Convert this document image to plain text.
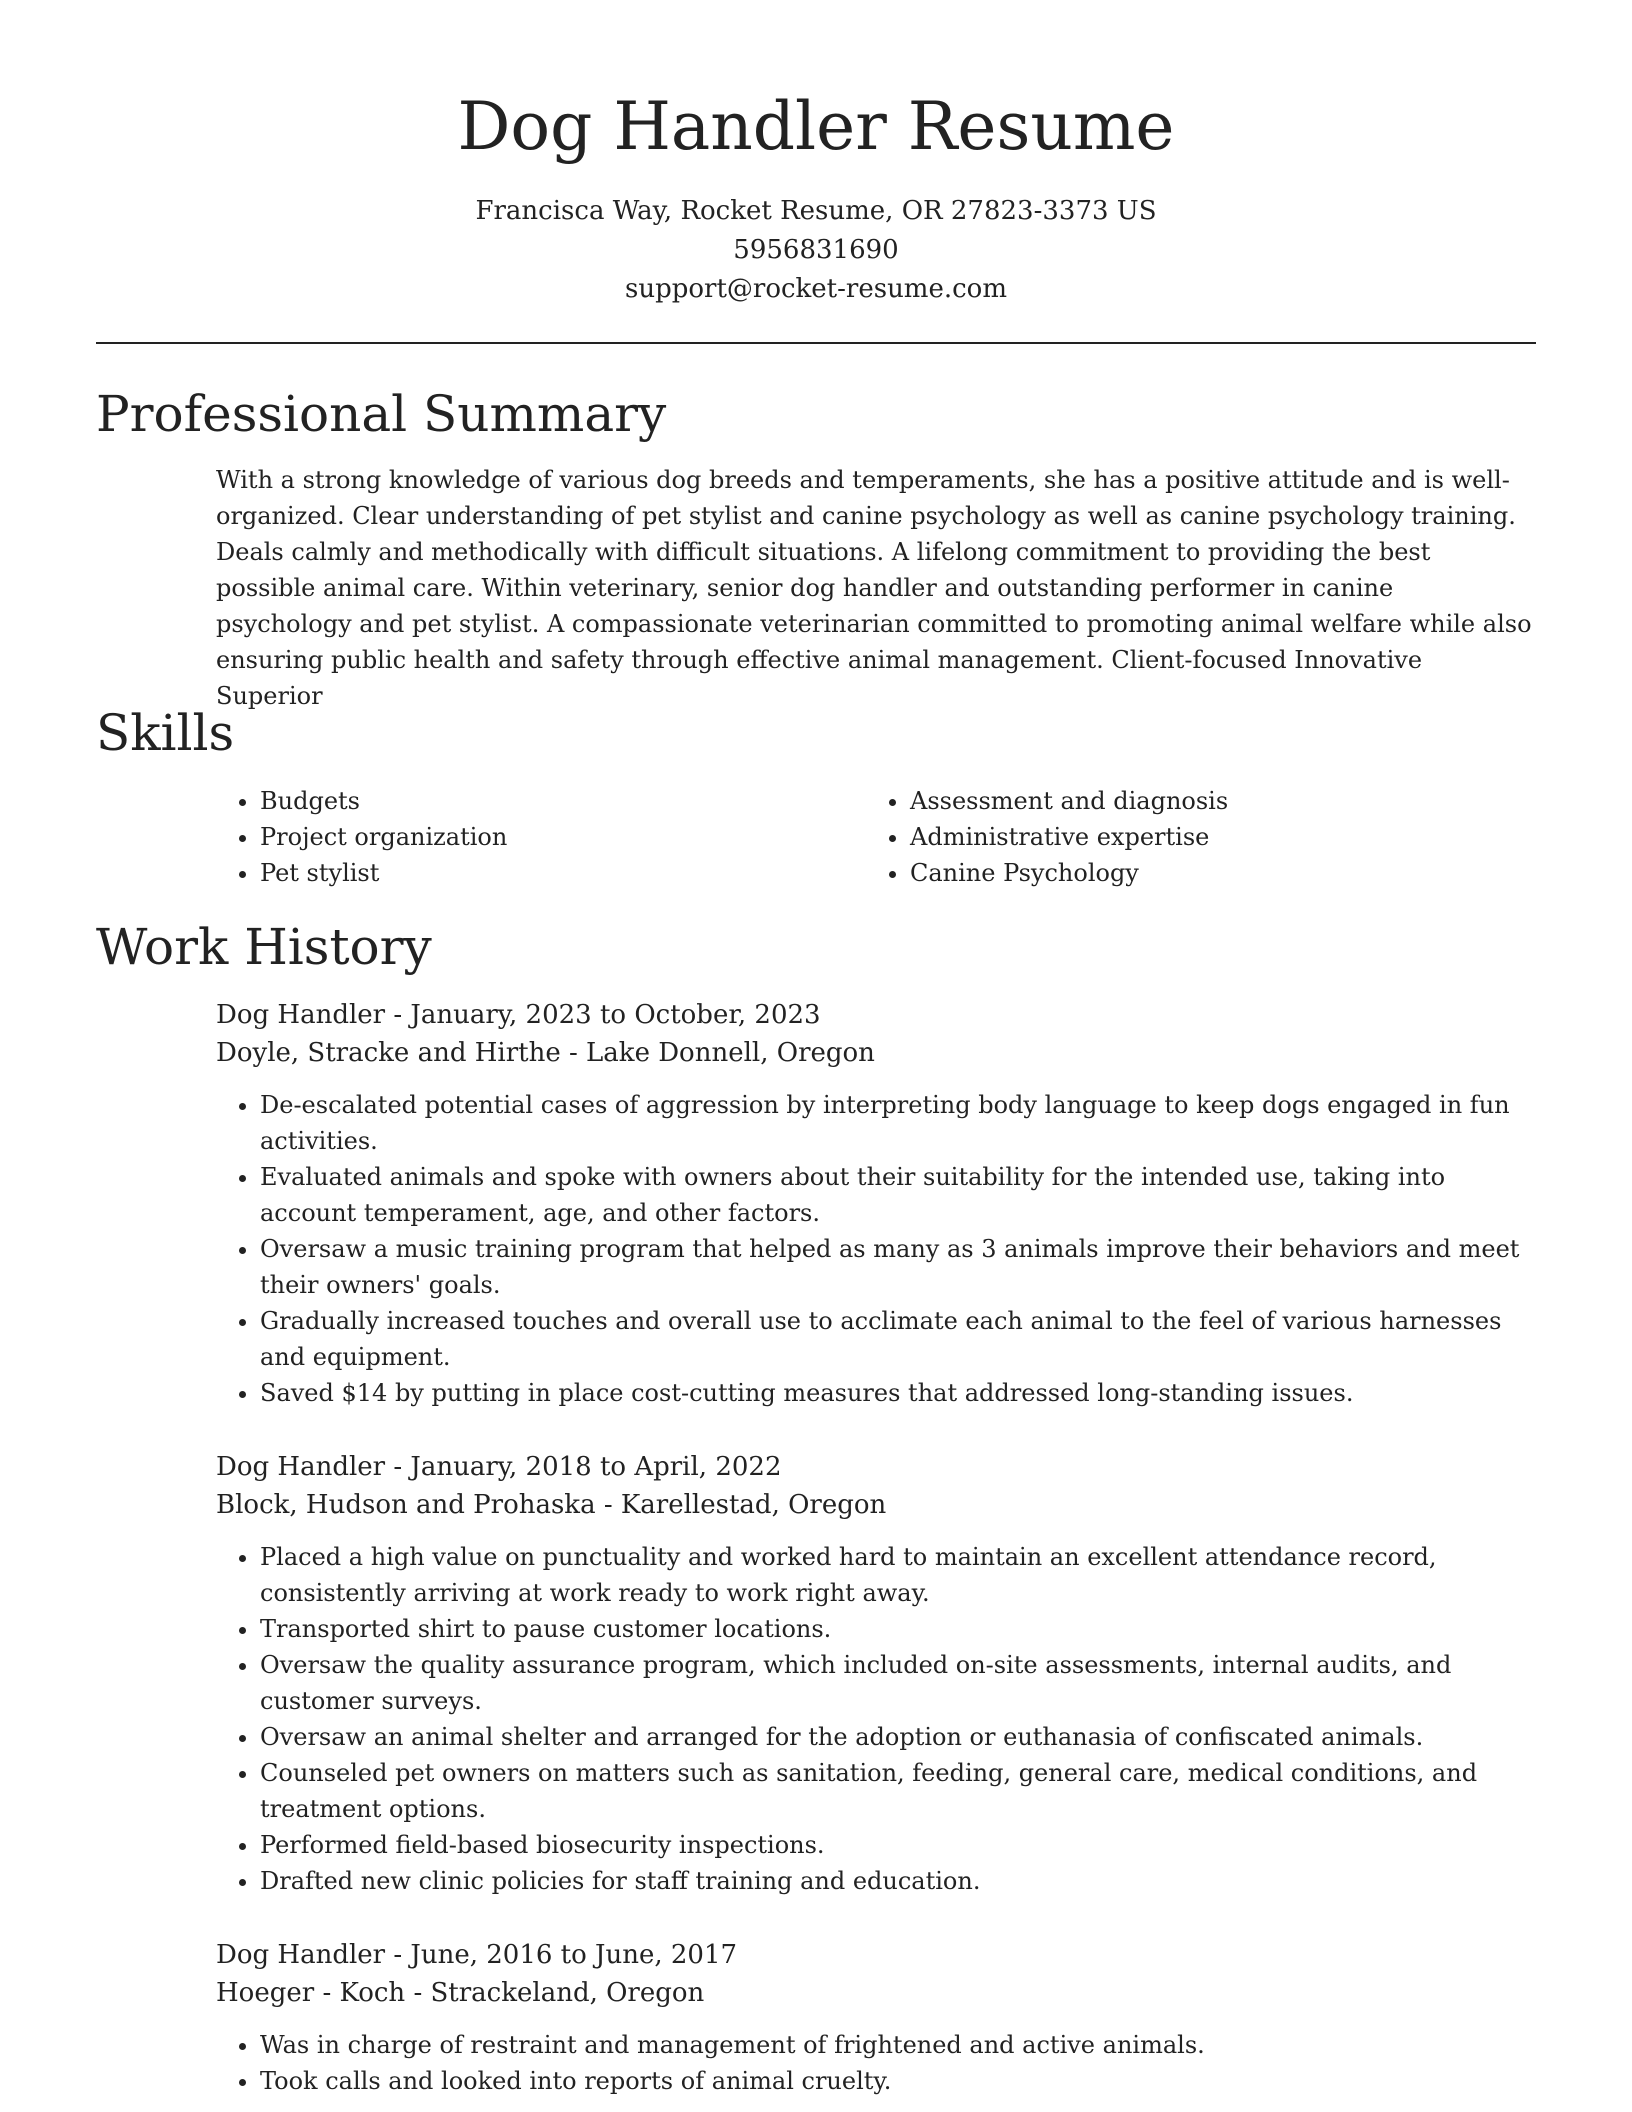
Dog Handler Resume
Francisca Way, Rocket Resume, OR 27823-3373 US
5956831690
support@rocket-resume.com
Professional Summary

With a strong knowledge of various dog breeds and temperaments, she has a positive attitude and is well-organized. Clear understanding of pet stylist and canine psychology as well as canine psychology training. Deals calmly and methodically with difficult situations. A lifelong commitment to providing the best possible animal care. Within veterinary, senior dog handler and outstanding performer in canine psychology and pet stylist. A compassionate veterinarian committed to promoting animal welfare while also ensuring public health and safety through effective animal management. Client-focused Innovative Superior

Skills
• Budgets
• Project organization
• Pet stylist
• Assessment and diagnosis
• Administrative expertise
• Canine Psychology
Work History
Dog Handler - January, 2023 to October, 2023
Doyle, Stracke and Hirthe - Lake Donnell, Oregon
• De-escalated potential cases of aggression by interpreting body language to keep dogs engaged in fun activities.
• Evaluated animals and spoke with owners about their suitability for the intended use, taking into account temperament, age, and other factors.
• Oversaw a music training program that helped as many as 3 animals improve their behaviors and meet their owners' goals.
• Gradually increased touches and overall use to acclimate each animal to the feel of various harnesses and equipment.
• Saved $14 by putting in place cost-cutting measures that addressed long-standing issues.
Dog Handler - January, 2018 to April, 2022
Block, Hudson and Prohaska - Karellestad, Oregon
• Placed a high value on punctuality and worked hard to maintain an excellent attendance record, consistently arriving at work ready to work right away.
• Transported shirt to pause customer locations.
• Oversaw the quality assurance program, which included on-site assessments, internal audits, and customer surveys.
• Oversaw an animal shelter and arranged for the adoption or euthanasia of confiscated animals.
• Counseled pet owners on matters such as sanitation, feeding, general care, medical conditions, and treatment options.
• Performed field-based biosecurity inspections.
• Drafted new clinic policies for staff training and education.
Dog Handler - June, 2016 to June, 2017
Hoeger - Koch - Strackeland, Oregon
• Was in charge of restraint and management of frightened and active animals.
• Took calls and looked into reports of animal cruelty.
